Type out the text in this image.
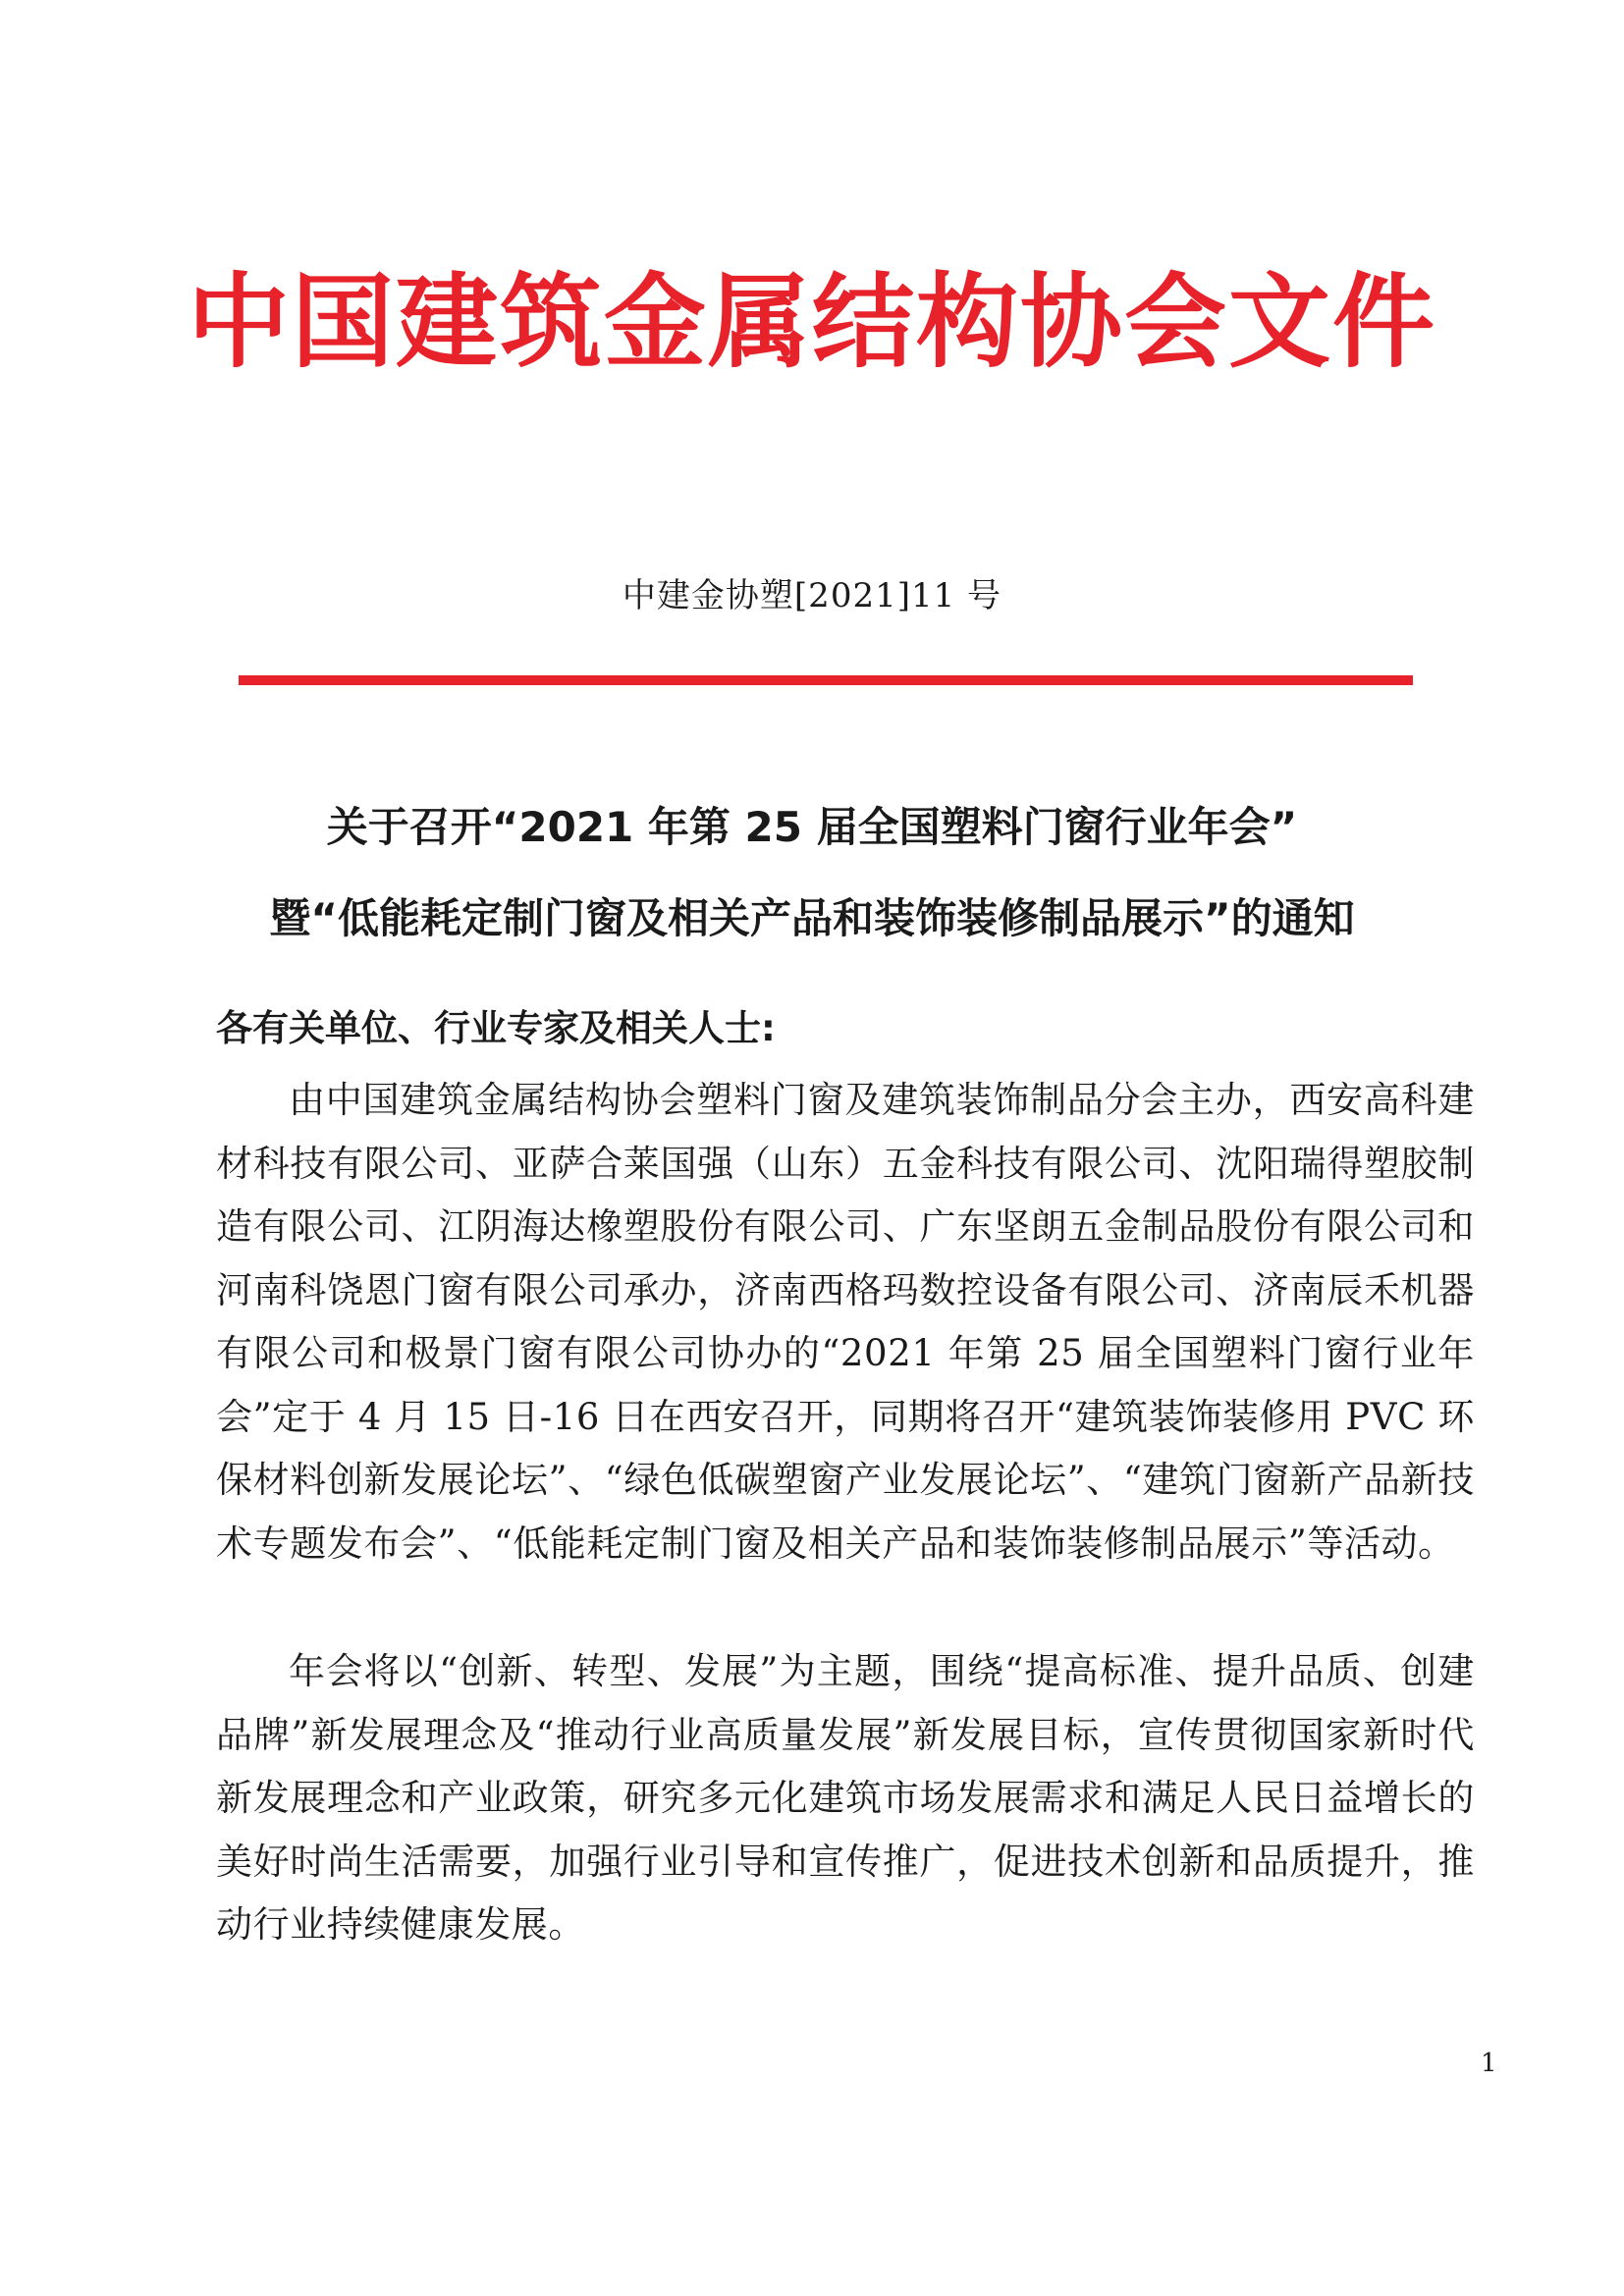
中国建筑金属结构协会文件
中建金协塑[2021]11 号
关于召开“2021 年第 25 届全国塑料门窗行业年会”
暨“低能耗定制门窗及相关产品和装饰装修制品展示”的通知
各有关单位、行业专家及相关人士:

由中国建筑金属结构协会塑料门窗及建筑装饰制品分会主办，西安高科建材科技有限公司、亚萨合莱国强（山东）五金科技有限公司、沈阳瑞得塑胶制造有限公司、江阴海达橡塑股份有限公司、广东坚朗五金制品股份有限公司和河南科饶恩门窗有限公司承办，济南西格玛数控设备有限公司、济南辰禾机器有限公司和极景门窗有限公司协办的“2021 年第 25 届全国塑料门窗行业年会”定于 4 月 15 日-16 日在西安召开，同期将召开“建筑装饰装修用 PVC 环保材料创新发展论坛”、“绿色低碳塑窗产业发展论坛”、“建筑门窗新产品新技术专题发布会”、“低能耗定制门窗及相关产品和装饰装修制品展示”等活动。

年会将以“创新、转型、发展”为主题，围绕“提高标准、提升品质、创建品牌”新发展理念及“推动行业高质量发展”新发展目标，宣传贯彻国家新时代新发展理念和产业政策，研究多元化建筑市场发展需求和满足人民日益增长的美好时尚生活需要，加强行业引导和宣传推广，促进技术创新和品质提升，推动行业持续健康发展。

1
